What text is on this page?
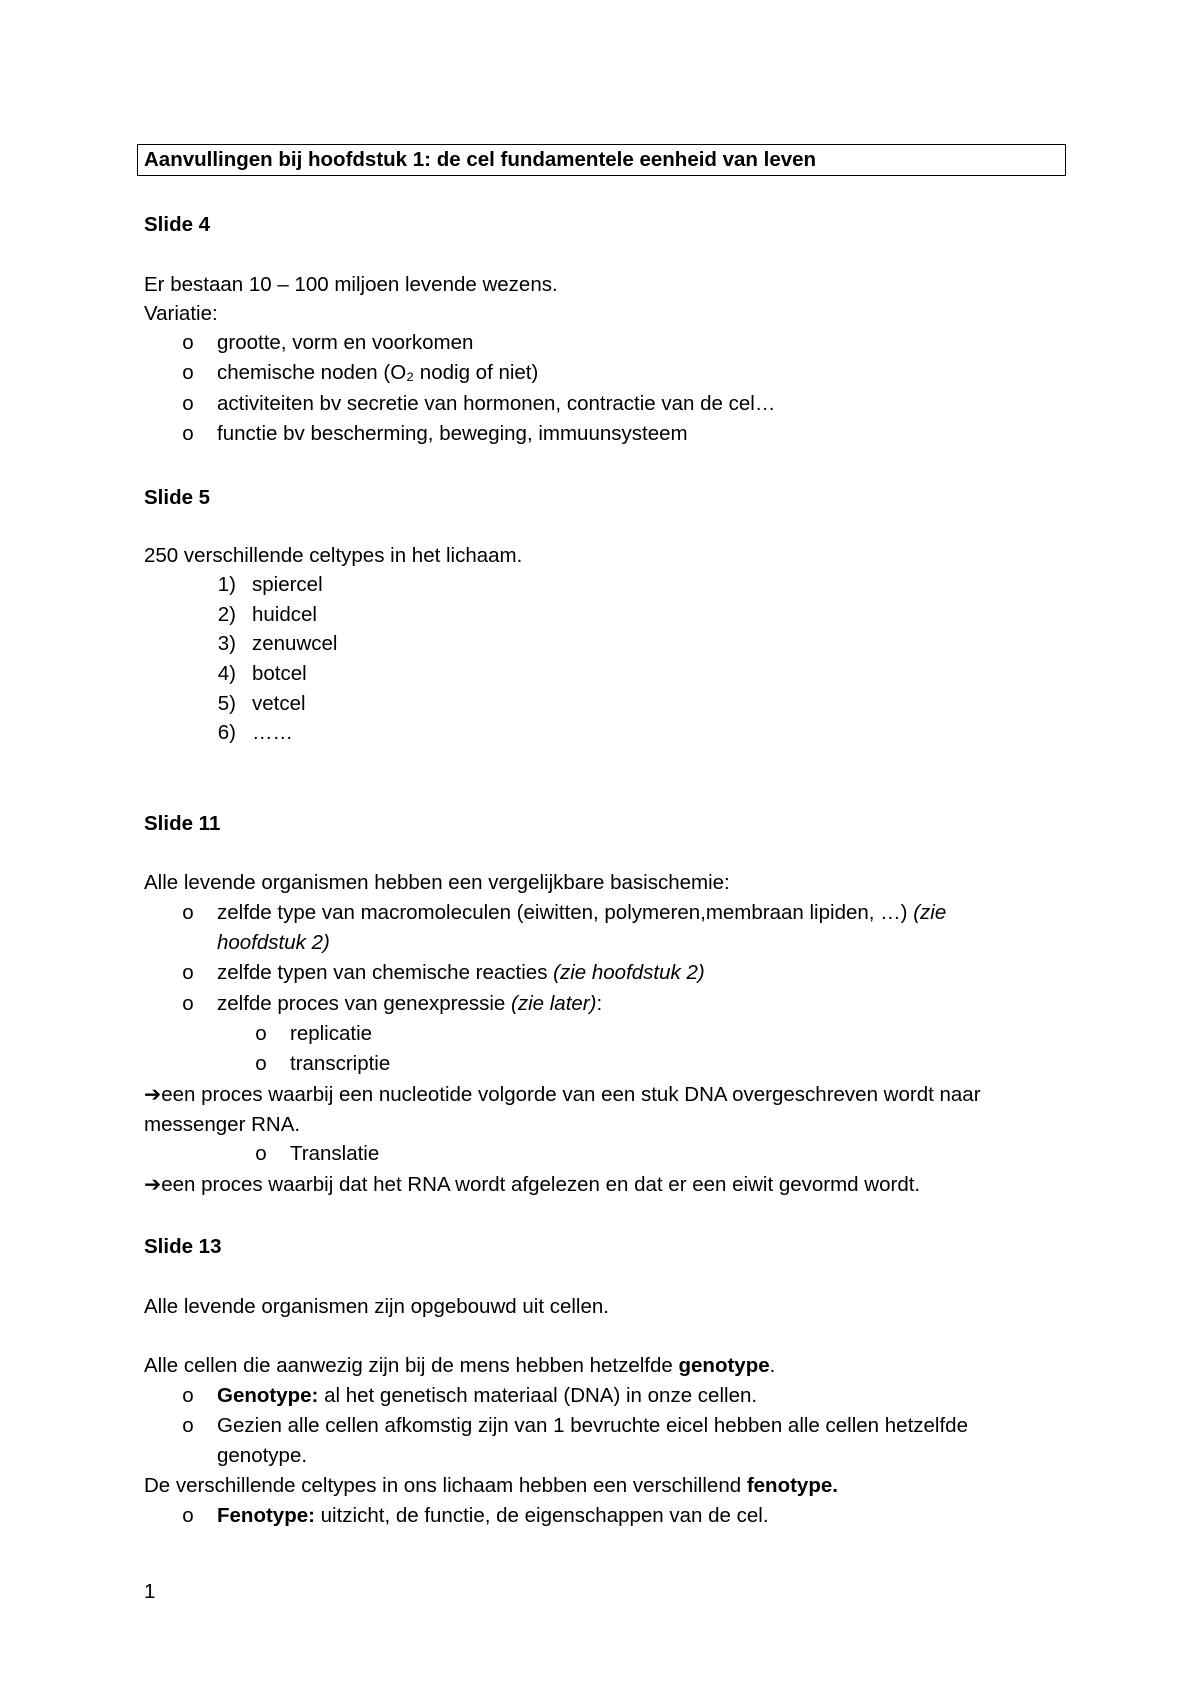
Aanvullingen bij hoofdstuk 1: de cel fundamentele eenheid van leven
Slide 4
Er bestaan 10 – 100 miljoen levende wezens.
Variatie:
o grootte, vorm en voorkomen
o chemische noden (O₂ nodig of niet)
o activiteiten bv secretie van hormonen, contractie van de cel…
o functie bv bescherming, beweging, immuunsysteem
Slide 5
250 verschillende celtypes in het lichaam.
1) spiercel
2) huidcel
3) zenuwcel
4) botcel
5) vetcel
6) ……
Slide 11
Alle levende organismen hebben een vergelijkbare basischemie:
o zelfde type van macromoleculen (eiwitten, polymeren,membraan lipiden, …) (zie
hoofdstuk 2)
o zelfde typen van chemische reacties (zie hoofdstuk 2)
o zelfde proces van genexpressie (zie later):
o replicatie
o transcriptie
➔een proces waarbij een nucleotide volgorde van een stuk DNA overgeschreven wordt naar
messenger RNA.
o Translatie
➔een proces waarbij dat het RNA wordt afgelezen en dat er een eiwit gevormd wordt.
Slide 13
Alle levende organismen zijn opgebouwd uit cellen.
Alle cellen die aanwezig zijn bij de mens hebben hetzelfde genotype.
o Genotype: al het genetisch materiaal (DNA) in onze cellen.
o Gezien alle cellen afkomstig zijn van 1 bevruchte eicel hebben alle cellen hetzelfde
genotype.
De verschillende celtypes in ons lichaam hebben een verschillend fenotype.
o Fenotype: uitzicht, de functie, de eigenschappen van de cel.
1
